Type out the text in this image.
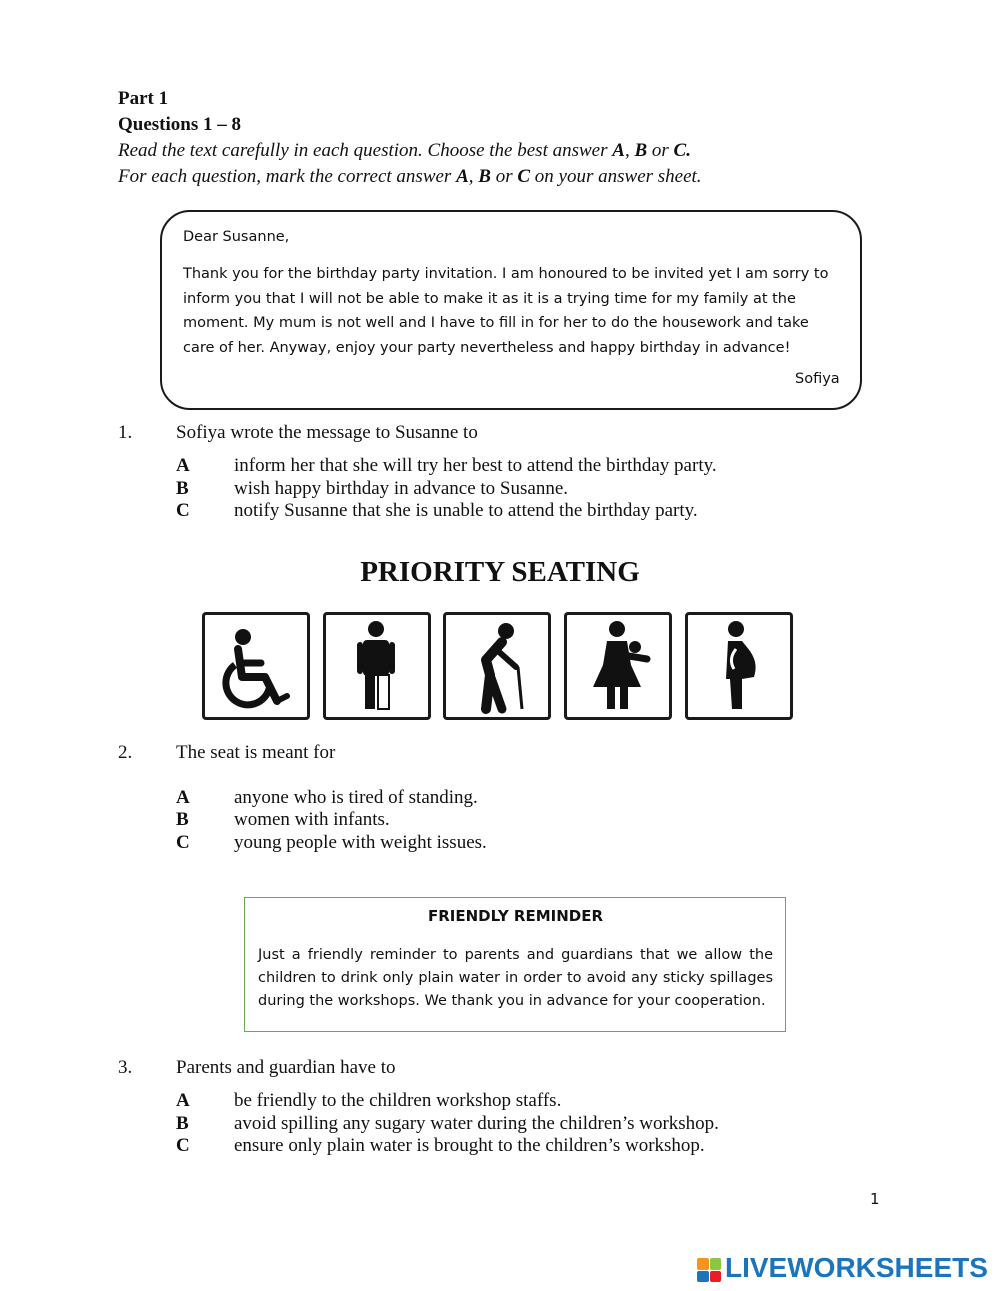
Part 1
Questions 1 – 8
Read the text carefully in each question. Choose the best answer A, B or C.
For each question, mark the correct answer A, B or C on your answer sheet.
Dear Susanne,
Thank you for the birthday party invitation. I am honoured to be invited yet I am sorry to inform you that I will not be able to make it as it is a trying time for my family at the moment. My mum is not well and I have to fill in for her to do the housework and take care of her. Anyway, enjoy your party nevertheless and happy birthday in advance!
Sofiya
1. Sofiya wrote the message to Susanne to
A inform her that she will try her best to attend the birthday party.
B wish happy birthday in advance to Susanne.
C notify Susanne that she is unable to attend the birthday party.
PRIORITY SEATING
2. The seat is meant for
A anyone who is tired of standing.
B women with infants.
C young people with weight issues.
FRIENDLY REMINDER
Just a friendly reminder to parents and guardians that we allow the children to drink only plain water in order to avoid any sticky spillages during the workshops. We thank you in advance for your cooperation.
3. Parents and guardian have to
A be friendly to the children workshop staffs.
B avoid spilling any sugary water during the children’s workshop.
C ensure only plain water is brought to the children’s workshop.
1
LIVEWORKSHEETS
